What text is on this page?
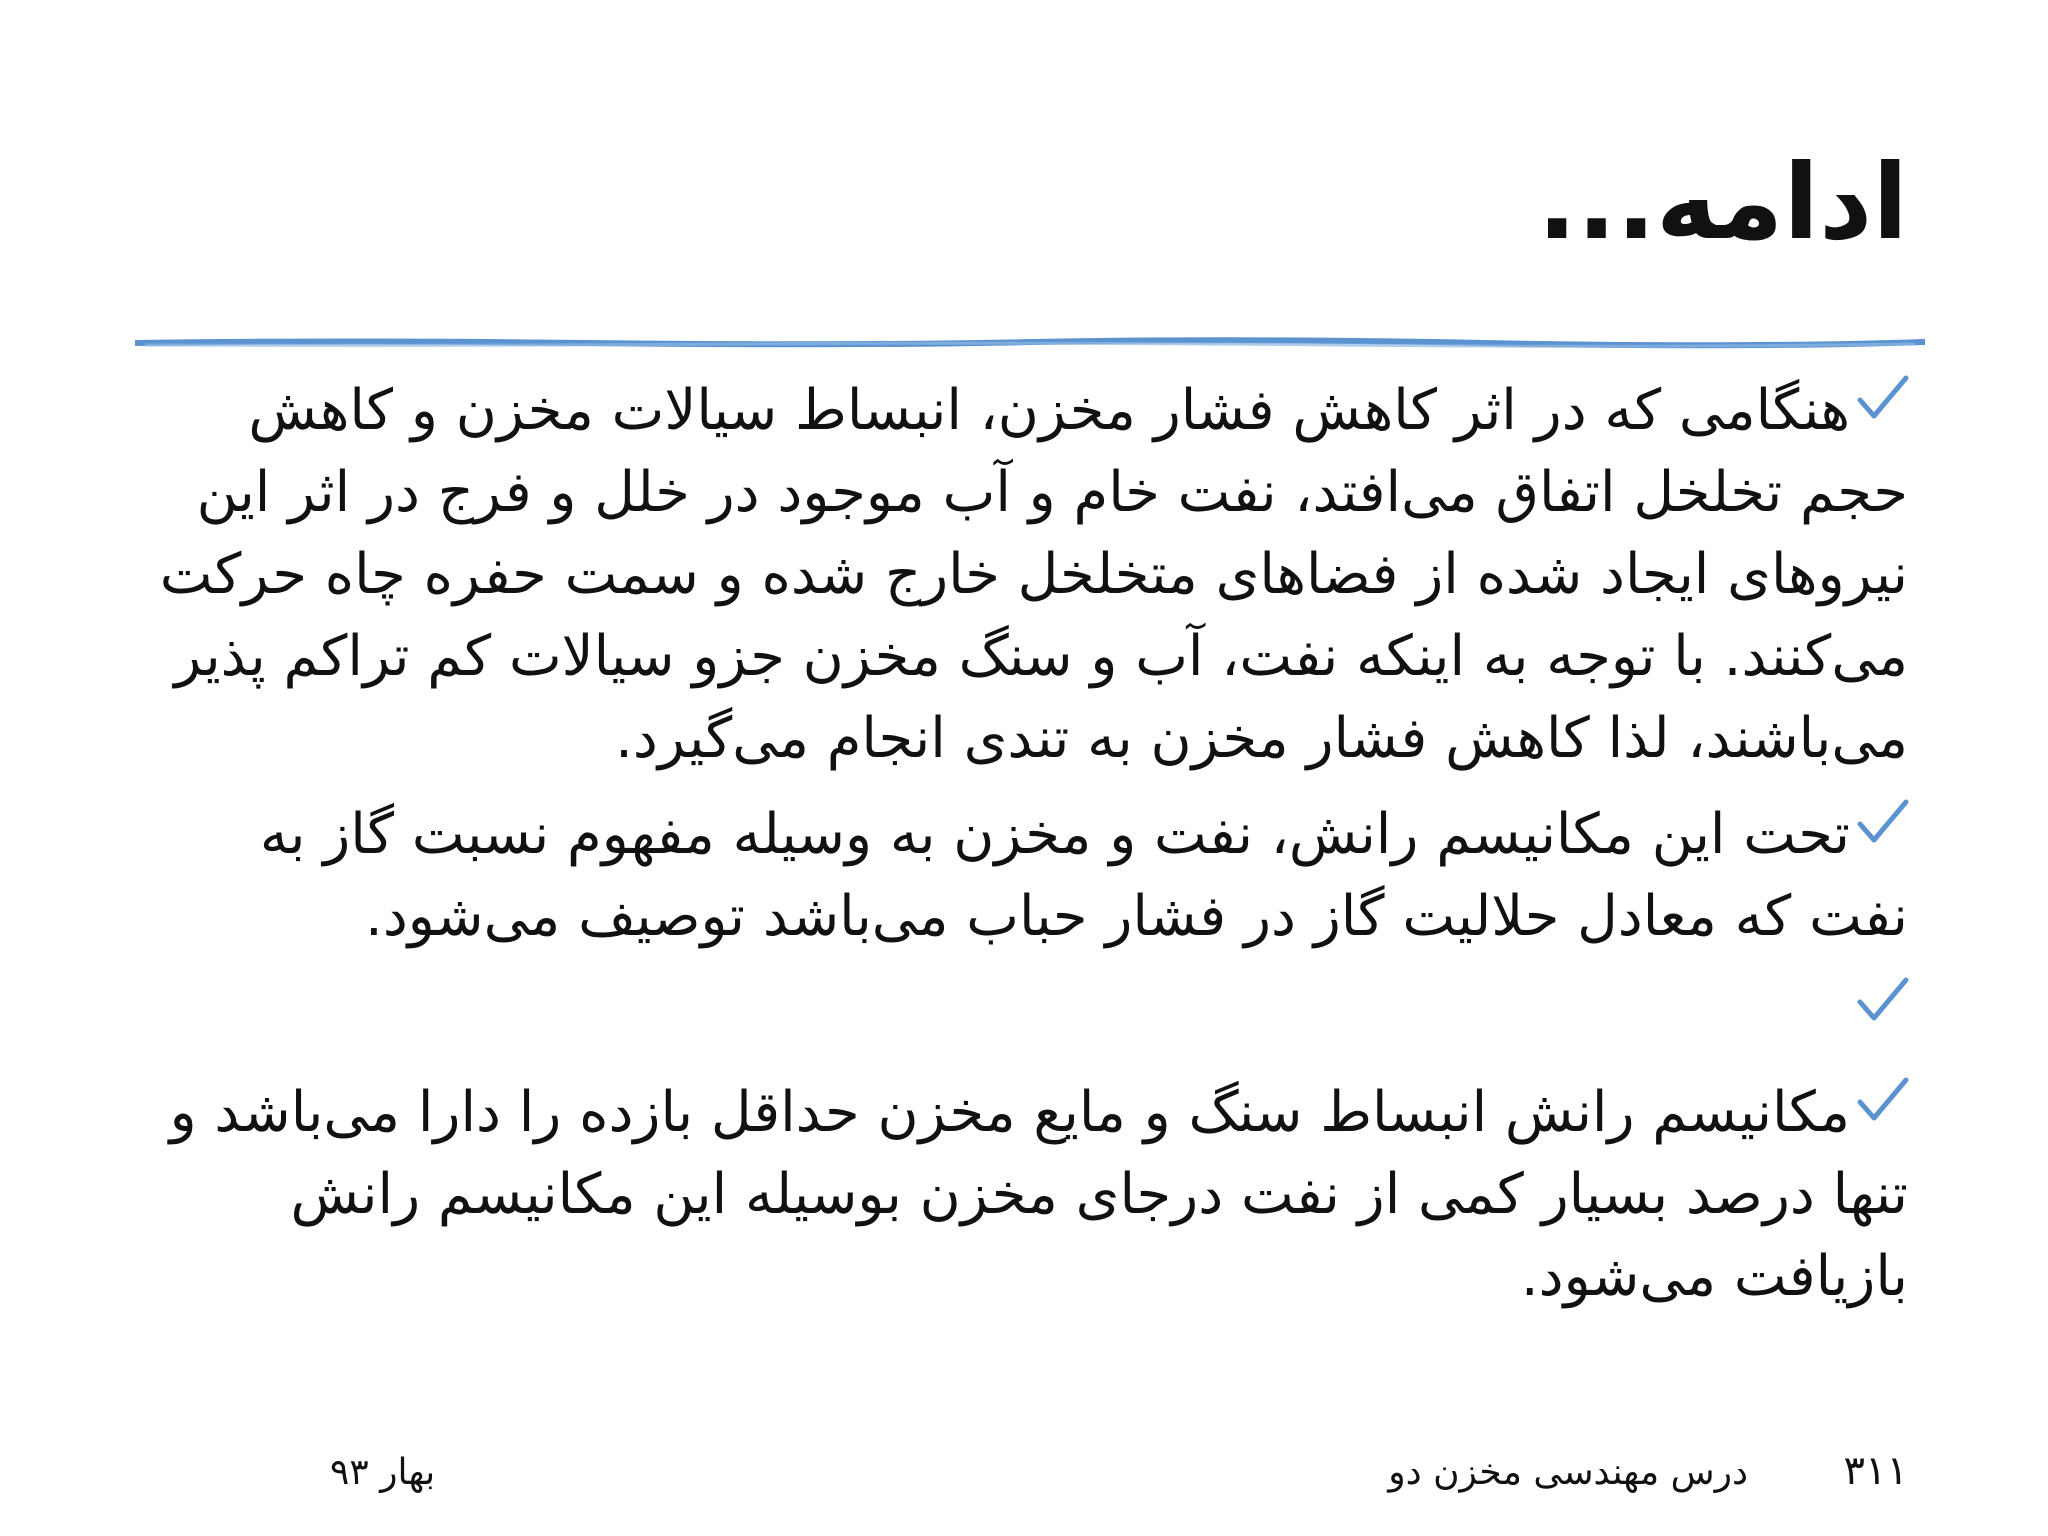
ادامه...
هنگامی که در اثر کاهش فشار مخزن، انبساط سیالات مخزن و کاهش حجم تخلخل اتفاق می‌افتد، نفت خام و آب موجود در خلل و فرج در اثر این نیروهای ایجاد شده از فضاهای متخلخل خارج شده و سمت حفره چاه حرکت می‌کنند. با توجه به اینکه نفت، آب و سنگ مخزن جزو سیالات کم تراکم پذیر می‌باشند، لذا کاهش فشار مخزن به تندی انجام می‌گیرد.
تحت این مکانیسم رانش، نفت و مخزن به وسیله مفهوم نسبت گاز به نفت که معادل حلالیت گاز در فشار حباب می‌باشد توصیف می‌شود.
مکانیسم رانش انبساط سنگ و مایع مخزن حداقل بازده را دارا می‌باشد و تنها درصد بسیار کمی از نفت درجای مخزن بوسیله این مکانیسم رانش بازیافت می‌شود.

۳۱۱

درس مهندسی مخزن دو

بهار ۹۳
